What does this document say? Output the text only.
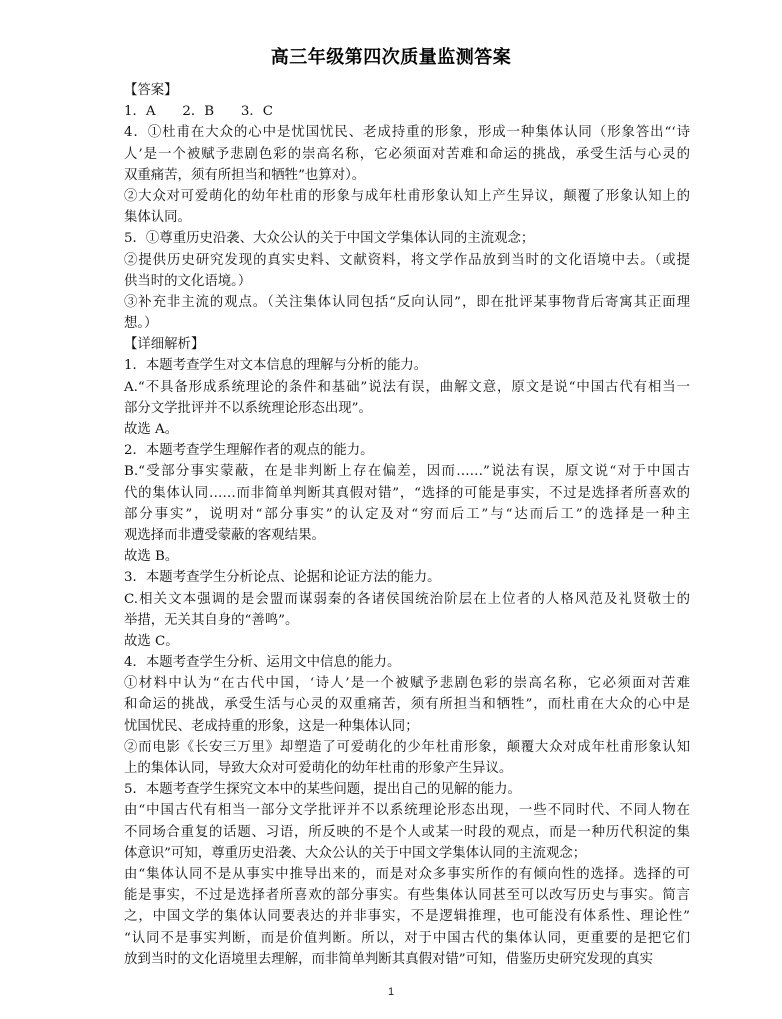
高三年级第四次质量监测答案
【答案】
1．A　　2．B　　3．C
4．①杜甫在大众的心中是忧国忧民、老成持重的形象，形成一种集体认同（形象答出“‘诗
人’是一个被赋予悲剧色彩的崇高名称，它必须面对苦难和命运的挑战，承受生活与心灵的
双重痛苦，须有所担当和牺牲”也算对）。
②大众对可爱萌化的幼年杜甫的形象与成年杜甫形象认知上产生异议，颠覆了形象认知上的
集体认同。
5．①尊重历史沿袭、大众公认的关于中国文学集体认同的主流观念；
②提供历史研究发现的真实史料、文献资料，将文学作品放到当时的文化语境中去。（或提
供当时的文化语境。）
③补充非主流的观点。（关注集体认同包括“反向认同”，即在批评某事物背后寄寓其正面理
想。）
【详细解析】
1．本题考查学生对文本信息的理解与分析的能力。
A.“不具备形成系统理论的条件和基础”说法有误，曲解文意，原文是说“中国古代有相当一
部分文学批评并不以系统理论形态出现”。
故选 A。
2．本题考查学生理解作者的观点的能力。
B.“受部分事实蒙蔽，在是非判断上存在偏差，因而……”说法有误，原文说“对于中国古
代的集体认同……而非简单判断其真假对错”，“选择的可能是事实，不过是选择者所喜欢的
部分事实”，说明对“部分事实”的认定及对“穷而后工”与“达而后工”的选择是一种主
观选择而非遭受蒙蔽的客观结果。
故选 B。
3．本题考查学生分析论点、论据和论证方法的能力。
C.相关文本强调的是会盟而谋弱秦的各诸侯国统治阶层在上位者的人格风范及礼贤敬士的
举措，无关其自身的“善鸣”。
故选 C。
4．本题考查学生分析、运用文中信息的能力。
①材料中认为“在古代中国，‘诗人’是一个被赋予悲剧色彩的崇高名称，它必须面对苦难
和命运的挑战，承受生活与心灵的双重痛苦，须有所担当和牺牲”，而杜甫在大众的心中是
忧国忧民、老成持重的形象，这是一种集体认同；
②而电影《长安三万里》却塑造了可爱萌化的少年杜甫形象，颠覆大众对成年杜甫形象认知
上的集体认同，导致大众对可爱萌化的幼年杜甫的形象产生异议。
5．本题考查学生探究文本中的某些问题，提出自己的见解的能力。
由“中国古代有相当一部分文学批评并不以系统理论形态出现，一些不同时代、不同人物在
不同场合重复的话题、习语，所反映的不是个人或某一时段的观点，而是一种历代积淀的集
体意识”可知，尊重历史沿袭、大众公认的关于中国文学集体认同的主流观念；
由“集体认同不是从事实中推导出来的，而是对众多事实所作的有倾向性的选择。选择的可
能是事实，不过是选择者所喜欢的部分事实。有些集体认同甚至可以改写历史与事实。简言
之，中国文学的集体认同要表达的并非事实，不是逻辑推理，也可能没有体系性、理论性”
“认同不是事实判断，而是价值判断。所以，对于中国古代的集体认同，更重要的是把它们
放到当时的文化语境里去理解，而非简单判断其真假对错”可知，借鉴历史研究发现的真实
1
